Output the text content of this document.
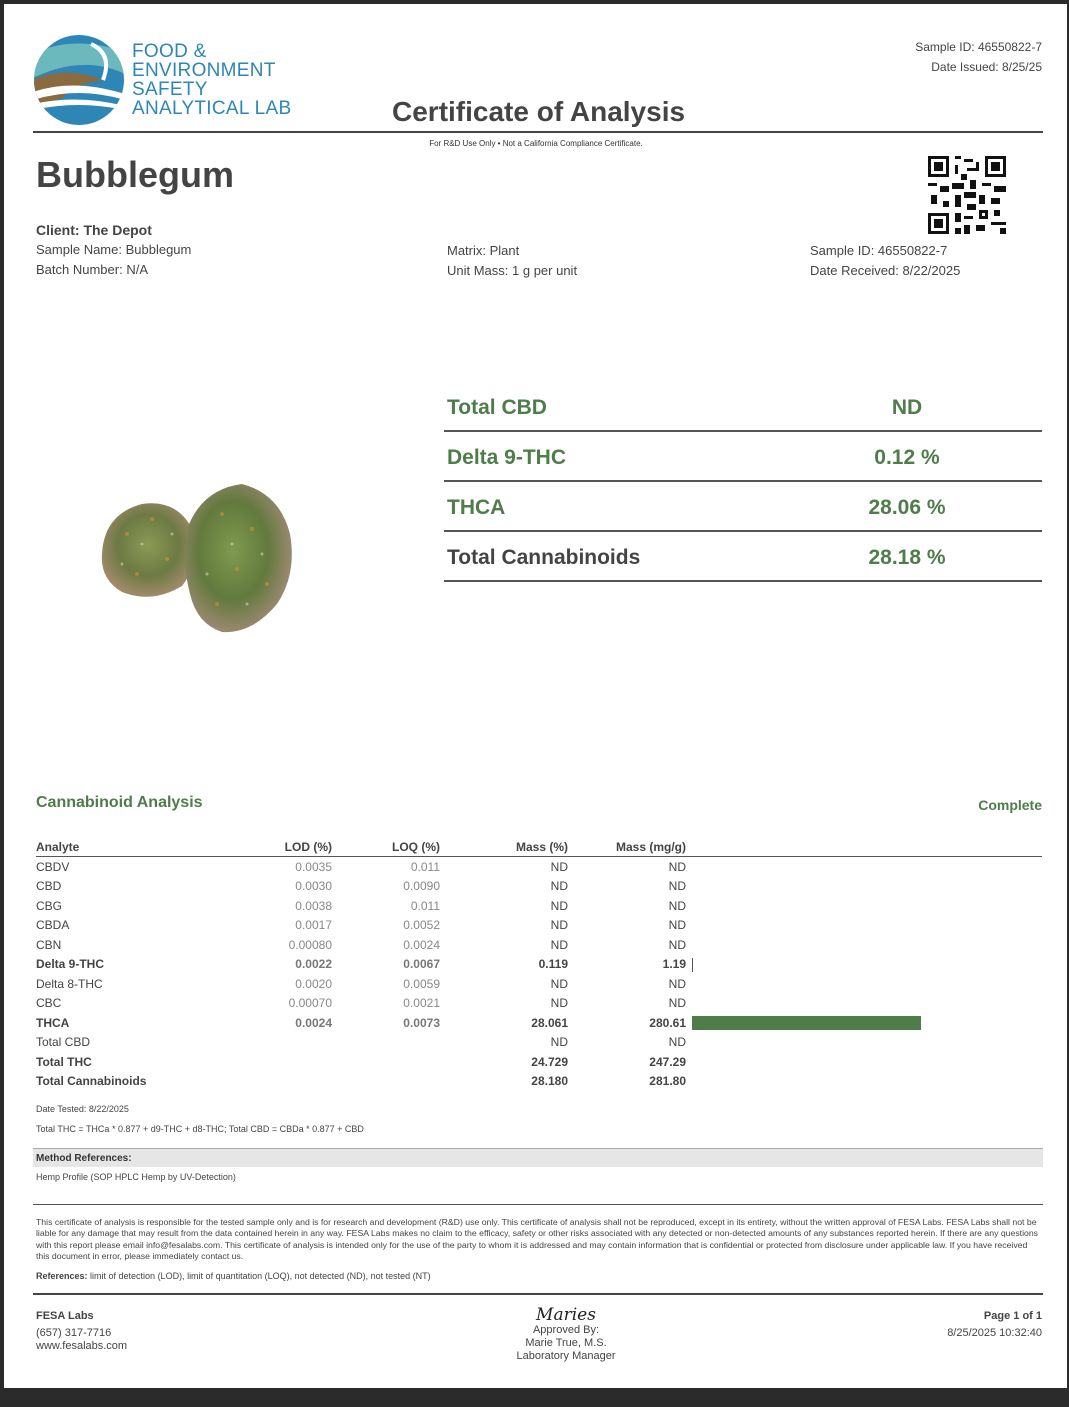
FOOD &
ENVIRONMENT
SAFETY
ANALYTICAL LAB	Certificate of Analysis
Sample ID: 46550822-7
Date Issued: 8/25/25
For R&D Use Only • Not a California Compliance Certificate.
Bubblegum
Client: The Depot
Sample Name: Bubblegum
Batch Number: N/A
Matrix: Plant
Unit Mass: 1 g per unit
Sample ID: 46550822-7
Date Received: 8/22/2025
Total CBD	ND
Delta 9-THC	0.12 %
THCA	28.06 %
Total Cannabinoids	28.18 %
Cannabinoid Analysis	Complete
Analyte	LOD (%)	LOQ (%)	Mass (%)	Mass (mg/g)	
CBDV	0.0035	0.011	ND	ND	
CBD	0.0030	0.0090	ND	ND	
CBG	0.0038	0.011	ND	ND	
CBDA	0.0017	0.0052	ND	ND	
CBN	0.00080	0.0024	ND	ND	
Delta 9-THC	0.0022	0.0067	0.119	1.19	
Delta 8-THC	0.0020	0.0059	ND	ND	
CBC	0.00070	0.0021	ND	ND	
THCA	0.0024	0.0073	28.061	280.61	
Total CBD			ND	ND	
Total THC			24.729	247.29	
Total Cannabinoids			28.180	281.80	
Date Tested: 8/22/2025
Total THC = THCa * 0.877 + d9-THC + d8-THC; Total CBD = CBDa * 0.877 + CBD
Method References:
Hemp Profile (SOP HPLC Hemp by UV-Detection)
This certificate of analysis is responsible for the tested sample only and is for research and development (R&D) use only. This certificate of analysis shall not be reproduced, except in its entirety, without the written approval of FESA Labs. FESA Labs shall not be liable for any damage that may result from the data contained herein in any way. FESA Labs makes no claim to the efficacy, safety or other risks associated with any detected or non-detected amounts of any substances reported herein. If there are any questions with this report please email info@fesalabs.com. This certificate of analysis is intended only for the use of the party to whom it is addressed and may contain information that is confidential or protected from disclosure under applicable law. If you have received this document in error, please immediately contact us.
References: limit of detection (LOD), limit of quantitation (LOQ), not detected (ND), not tested (NT)
FESA Labs
(657) 317-7716
www.fesalabs.com
Maries
Approved By:
Marie True, M.S.
Laboratory Manager
Page 1 of 1
8/25/2025 10:32:40
